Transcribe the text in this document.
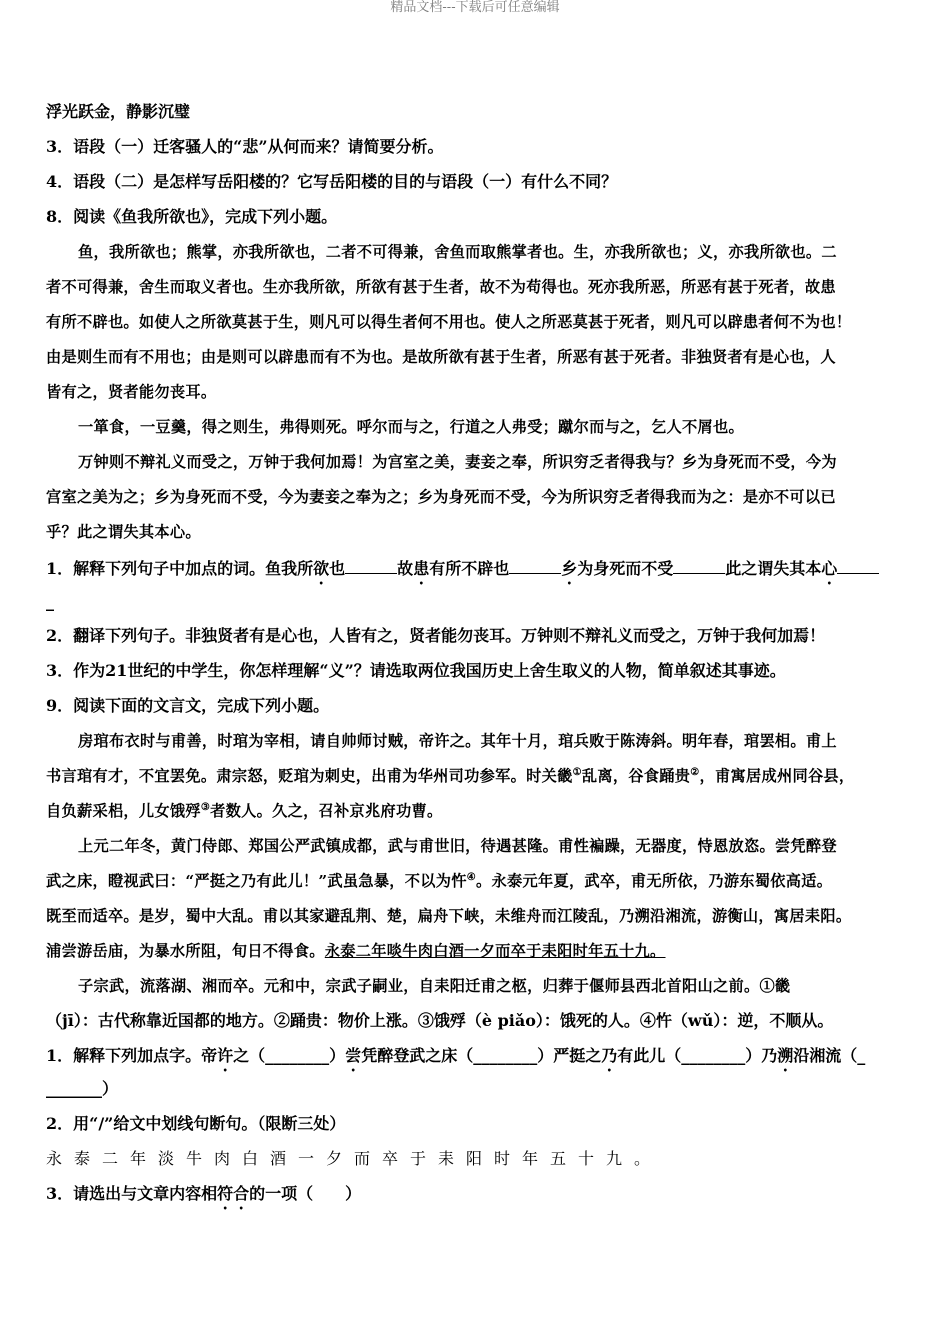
精品文档---下载后可任意编辑
浮光跃金，静影沉璧
3．语段（一）迁客骚人的“悲”从何而来？请简要分析。
4．语段（二）是怎样写岳阳楼的？它写岳阳楼的目的与语段（一）有什么不同？
8．阅读《鱼我所欲也》，完成下列小题。
鱼，我所欲也；熊掌，亦我所欲也，二者不可得兼，舍鱼而取熊掌者也。生，亦我所欲也；义，亦我所欲也。二
者不可得兼，舍生而取义者也。生亦我所欲，所欲有甚于生者，故不为苟得也。死亦我所恶，所恶有甚于死者，故患
有所不辟也。如使人之所欲莫甚于生，则凡可以得生者何不用也。使人之所恶莫甚于死者，则凡可以辟患者何不为也！
由是则生而有不用也；由是则可以辟患而有不为也。是故所欲有甚于生者，所恶有甚于死者。非独贤者有是心也，人
皆有之，贤者能勿丧耳。
一箪食，一豆羹，得之则生，弗得则死。呼尔而与之，行道之人弗受；蹴尔而与之，乞人不屑也。
万钟则不辩礼义而受之，万钟于我何加焉！为宫室之美，妻妾之奉，所识穷乏者得我与？乡为身死而不受，今为
宫室之美为之；乡为身死而不受，今为妻妾之奉为之；乡为身死而不受，今为所识穷乏者得我而为之：是亦不可以已
乎？此之谓失其本心。
1．解释下列句子中加点的词。鱼我所欲也	故患有所不辟也	乡为身死而不受	此之谓失其本心
_
2．翻译下列句子。非独贤者有是心也，人皆有之，贤者能勿丧耳。万钟则不辩礼义而受之，万钟于我何加焉！
3．作为21世纪的中学生，你怎样理解“义”？请选取两位我国历史上舍生取义的人物，简单叙述其事迹。
9．阅读下面的文言文，完成下列小题。
房琯布衣时与甫善，时琯为宰相，请自帅师讨贼，帝许之。其年十月，琯兵败于陈涛斜。明年春，琯罢相。甫上
书言琯有才，不宜罢免。肃宗怒，贬琯为刺史，出甫为华州司功参军。时关畿①乱离，谷食踊贵②，甫寓居成州同谷县，
自负薪采梠，儿女饿殍③者数人。久之，召补京兆府功曹。
上元二年冬，黄门侍郎、郑国公严武镇成都，武与甫世旧，待遇甚隆。甫性褊躁，无器度，恃恩放恣。尝凭醉登
武之床，瞪视武曰：“严挺之乃有此儿！”武虽急暴，不以为忤④。永泰元年夏，武卒，甫无所依，乃游东蜀依高适。
既至而适卒。是岁，蜀中大乱。甫以其家避乱荆、楚，扁舟下峡，未维舟而江陵乱，乃溯沿湘流，游衡山，寓居耒阳。
浦尝游岳庙，为暴水所阻，旬日不得食。永泰二年啖牛肉白酒一夕而卒于耒阳时年五十九。
子宗武，流落湖、湘而卒。元和中，宗武子嗣业，自耒阳迁甫之柩，归葬于偃师县西北首阳山之前。①畿
（jī）：古代称靠近国都的地方。②踊贵：物价上涨。③饿殍（è piǎo）：饿死的人。④忤（wǔ）：逆，不顺从。
1．解释下列加点字。帝许之（________）尝凭醉登武之床（________）严挺之乃有此儿（________）乃溯沿湘流（_
_______）
2．用“/”给文中划线句断句。（限断三处）
永泰二年淡牛肉白酒一夕而卒于耒阳时年五十九。
3．请选出与文章内容相符合的一项（　　）
